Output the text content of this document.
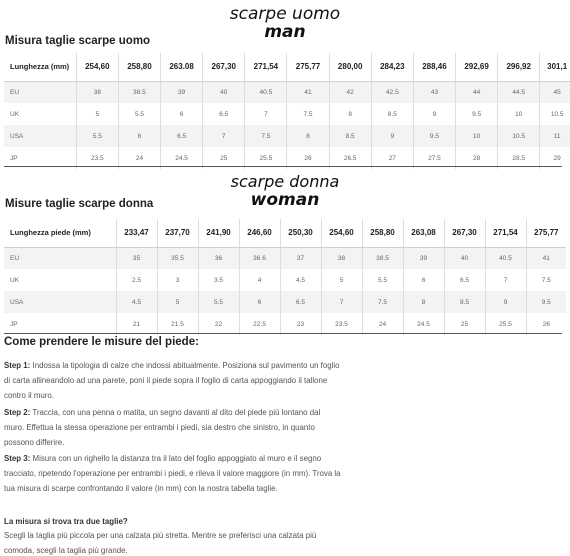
scarpe uomo
man
Misura taglie scarpe uomo
Lunghezza (mm)	254,60	258,80	263.08	267,30	271,54	275,77	280,00	284,23	288,46	292,69	296,92	301,1
EU	38	38.5	39	40	40.5	41	42	42.5	43	44	44.5	45
UK	5	5.5	6	6.5	7	7.5	8	8.5	9	9.5	10	10.5
USA	5.5	6	6.5	7	7.5	8	8.5	9	9.5	10	10.5	11
JP	23.5	24	24.5	25	25.5	26	26.5	27	27.5	28	28.5	29
scarpe donna
woman
Misure taglie scarpe donna
Lunghezza piede (mm)	233,47	237,70	241,90	246,60	250,30	254,60	258,80	263,08	267,30	271,54	275,77
EU	35	35.5	36	36.6	37	38	38.5	39	40	40.5	41
UK	2.5	3	3.5	4	4.5	5	5.5	6	6.5	7	7.5
USA	4.5	5	5.5	6	6.5	7	7.5	8	8.5	9	9.5
JP	21	21.5	22	22.5	23	23.5	24	24.5	25	25.5	26
Come prendere le misure del piede:

Step 1: Indossa la tipologia di calze che indossi abitualmente. Posiziona sul pavimento un foglio di carta allineandolo ad una parete, poni il piede sopra il foglio di carta appoggiando il tallone contro il muro.

Step 2: Traccia, con una penna o matita, un segno davanti al dito del piede più lontano dal muro. Effettua la stessa operazione per entrambi i piedi, sia destro che sinistro, in quanto possono differire.

Step 3: Misura con un righello la distanza tra il lato del foglio appoggiato al muro e il segno tracciato, ripetendo l'operazione per entrambi i piedi, e rileva il valore maggiore (in mm). Trova la tua misura di scarpe confrontando il valore (in mm) con la nostra tabella taglie.

La misura si trova tra due taglie?

Scegli la taglia più piccola per una calzata più stretta. Mentre se preferisci una calzata più comoda, scegli la taglia più grande.
